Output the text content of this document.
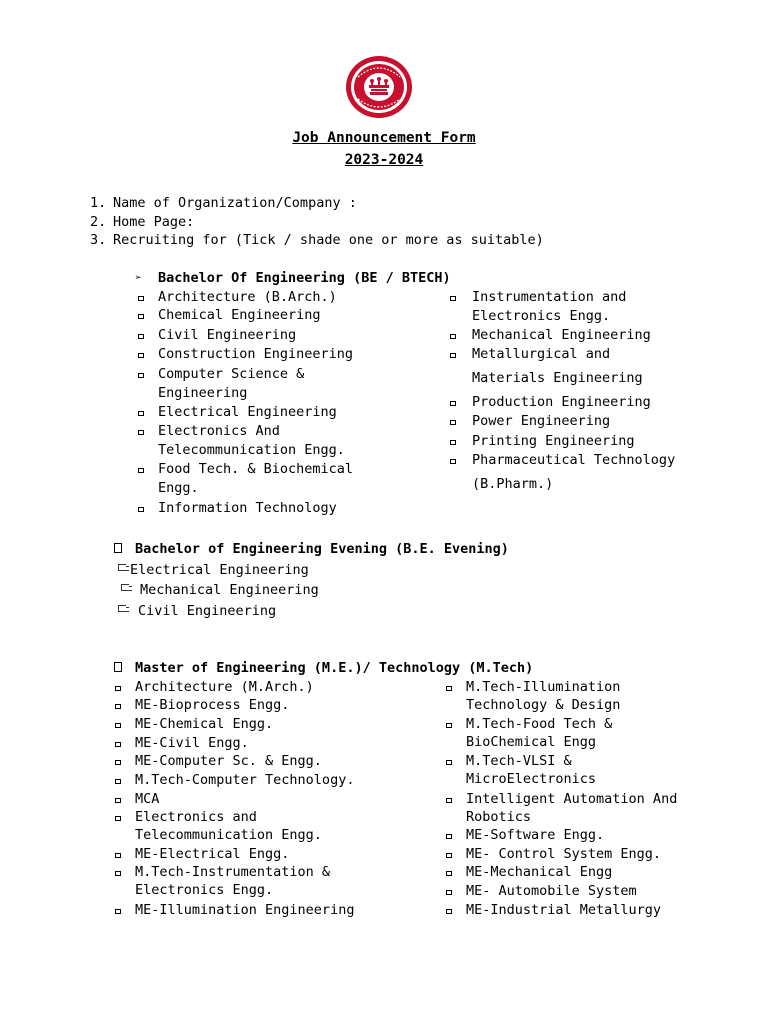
Job Announcement Form
2023-2024
1. Name of Organization/Company :
2. Home Page:
3. Recruiting for (Tick / shade one or more as suitable)
➢ Bachelor Of Engineering (BE / BTECH)
Architecture (B.Arch.)
Chemical Engineering
Civil Engineering
Construction Engineering
Computer Science &
Engineering
Electrical Engineering
Electronics And
Telecommunication Engg.
Food Tech. & Biochemical
Engg.
Information Technology
Instrumentation and
Electronics Engg.
Mechanical Engineering
Metallurgical and
Materials Engineering
Production Engineering
Power Engineering
Printing Engineering
Pharmaceutical Technology
(B.Pharm.)
Bachelor of Engineering Evening (B.E. Evening)
Electrical Engineering
Mechanical Engineering
Civil Engineering
Master of Engineering (M.E.)/ Technology (M.Tech)
Architecture (M.Arch.)
ME-Bioprocess Engg.
ME-Chemical Engg.
ME-Civil Engg.
ME-Computer Sc. & Engg.
M.Tech-Computer Technology.
MCA
Electronics and
Telecommunication Engg.
ME-Electrical Engg.
M.Tech-Instrumentation &
Electronics Engg.
ME-Illumination Engineering
M.Tech-Illumination
Technology & Design
M.Tech-Food Tech &
BioChemical Engg
M.Tech-VLSI &
MicroElectronics
Intelligent Automation And
Robotics
ME-Software Engg.
ME- Control System Engg.
ME-Mechanical Engg
ME- Automobile System
ME-Industrial Metallurgy
